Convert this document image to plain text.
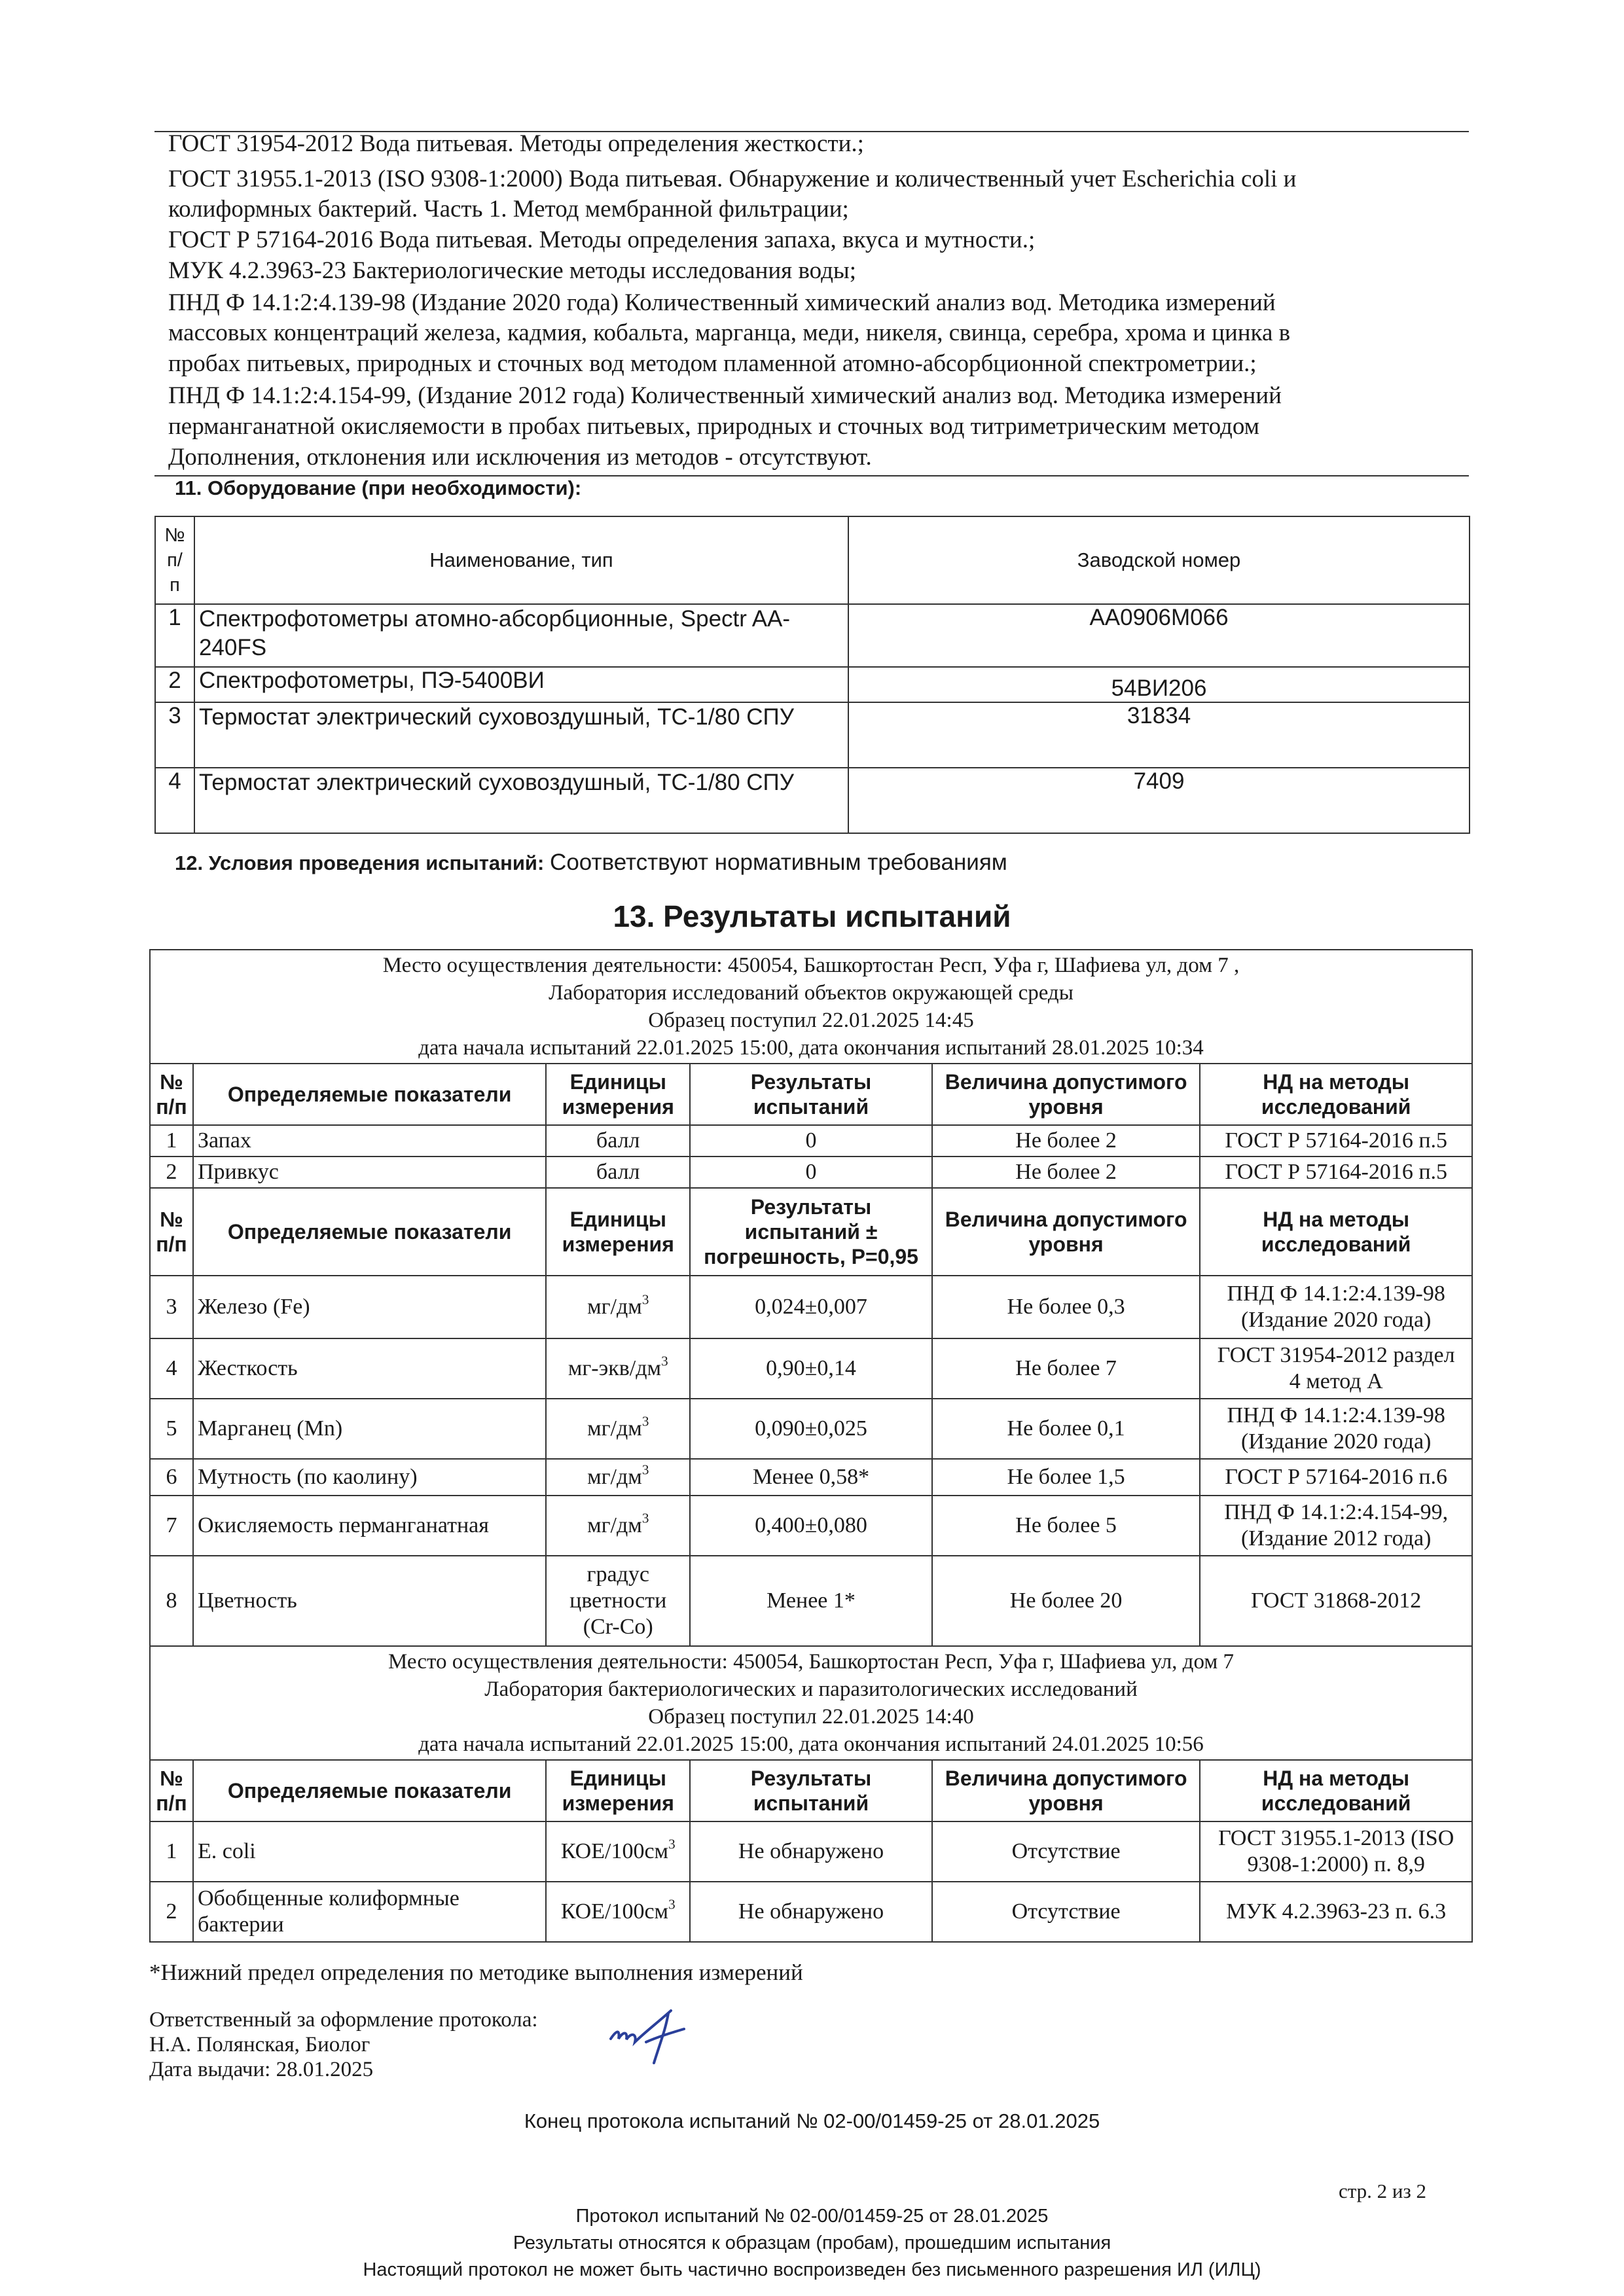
ГОСТ 31954-2012 Вода питьевая. Методы определения жесткости.;
ГОСТ 31955.1-2013 (ISO 9308-1:2000) Вода питьевая. Обнаружение и количественный учет Escherichia coli и
колиформных бактерий. Часть 1. Метод мембранной фильтрации;
ГОСТ Р 57164-2016 Вода питьевая. Методы определения запаха, вкуса и мутности.;
МУК 4.2.3963-23 Бактериологические методы исследования воды;
ПНД Ф 14.1:2:4.139-98 (Издание 2020 года) Количественный химический анализ вод. Методика измерений
массовых концентраций железа, кадмия, кобальта, марганца, меди, никеля, свинца, серебра, хрома и цинка в
пробах питьевых, природных и сточных вод методом пламенной атомно-абсорбционной спектрометрии.;
ПНД Ф 14.1:2:4.154-99, (Издание 2012 года) Количественный химический анализ вод. Методика измерений
перманганатной окисляемости в пробах питьевых, природных и сточных вод титриметрическим методом
Дополнения, отклонения или исключения из методов - отсутствуют.
11. Оборудование (при необходимости):
№ п/ п	Наименование, тип	Заводской номер
1	Спектрофотометры атомно-абсорбционные, Spectr AA-240FS	AA0906M066
2	Спектрофотометры, ПЭ-5400ВИ	54ВИ206
3	Термостат электрический суховоздушный, ТС-1/80 СПУ	31834
4	Термостат электрический суховоздушный, ТС-1/80 СПУ	7409
12. Условия проведения испытаний: Соответствуют нормативным требованиям
13. Результаты испытаний
Место осуществления деятельности: 450054, Башкортостан Респ, Уфа г, Шафиева ул, дом 7 ,
Лаборатория исследований объектов окружающей среды
Образец поступил 22.01.2025 14:45
дата начала испытаний 22.01.2025 15:00, дата окончания испытаний 28.01.2025 10:34					

№ п/п	Определяемые показатели	Единицы измерения	Результаты испытаний	Величина допустимого уровня	НД на методы исследований
1	Запах	балл	0	Не более 2	ГОСТ Р 57164-2016 п.5
2	Привкус	балл	0	Не более 2	ГОСТ Р 57164-2016 п.5
№ п/п	Определяемые показатели	Единицы измерения	Результаты испытаний ± погрешность, Р=0,95	Величина допустимого уровня	НД на методы исследований
3	Железо (Fe)	$мг/дм^3$	0,024±0,007	Не более 0,3	ПНД Ф 14.1:2:4.139-98
(Издание 2020 года)

4	Жесткость	$мг-экв/дм^3$	0,90±0,14	Не более 7	ГОСТ 31954-2012 раздел
4 метод А

5	Марганец (Mn)	$мг/дм^3$	0,090±0,025	Не более 0,1	ПНД Ф 14.1:2:4.139-98
(Издание 2020 года)

6	Мутность (по каолину)	$мг/дм^3$	Менее 0,58*	Не более 1,5	ГОСТ Р 57164-2016 п.6
7	Окисляемость перманганатная	$мг/дм^3$	0,400±0,080	Не более 5	ПНД Ф 14.1:2:4.154-99,
(Издание 2012 года)

8	Цветность	градус
цветности
(Cr-Co)	Менее 1*	Не более 20	ГОСТ 31868-2012

Место осуществления деятельности: 450054, Башкортостан Респ, Уфа г, Шафиева ул, дом 7
Лаборатория бактериологических и паразитологических исследований
Образец поступил 22.01.2025 14:40
дата начала испытаний 22.01.2025 15:00, дата окончания испытаний 24.01.2025 10:56					

№ п/п	Определяемые показатели	Единицы измерения	Результаты испытаний	Величина допустимого уровня	НД на методы исследований
1	E. coli	КОЕ/$100см^3$	Не обнаружено	Отсутствие	ГОСТ 31955.1-2013 (ISO
9308-1:2000) п. 8,9

2	Обобщенные колиформные
бактерии	КОЕ/$100см^3$	Не обнаружено	Отсутствие	МУК 4.2.3963-23 п. 6.3
*Нижний предел определения по методике выполнения измерений
Ответственный за оформление протокола:
Н.А. Полянская, Биолог
Дата выдачи: 28.01.2025
Конец протокола испытаний № 02-00/01459-25 от 28.01.2025
стр. 2 из 2
Протокол испытаний № 02-00/01459-25 от 28.01.2025
Результаты относятся к образцам (пробам), прошедшим испытания
Настоящий протокол не может быть частично воспроизведен без письменного разрешения ИЛ (ИЛЦ)
